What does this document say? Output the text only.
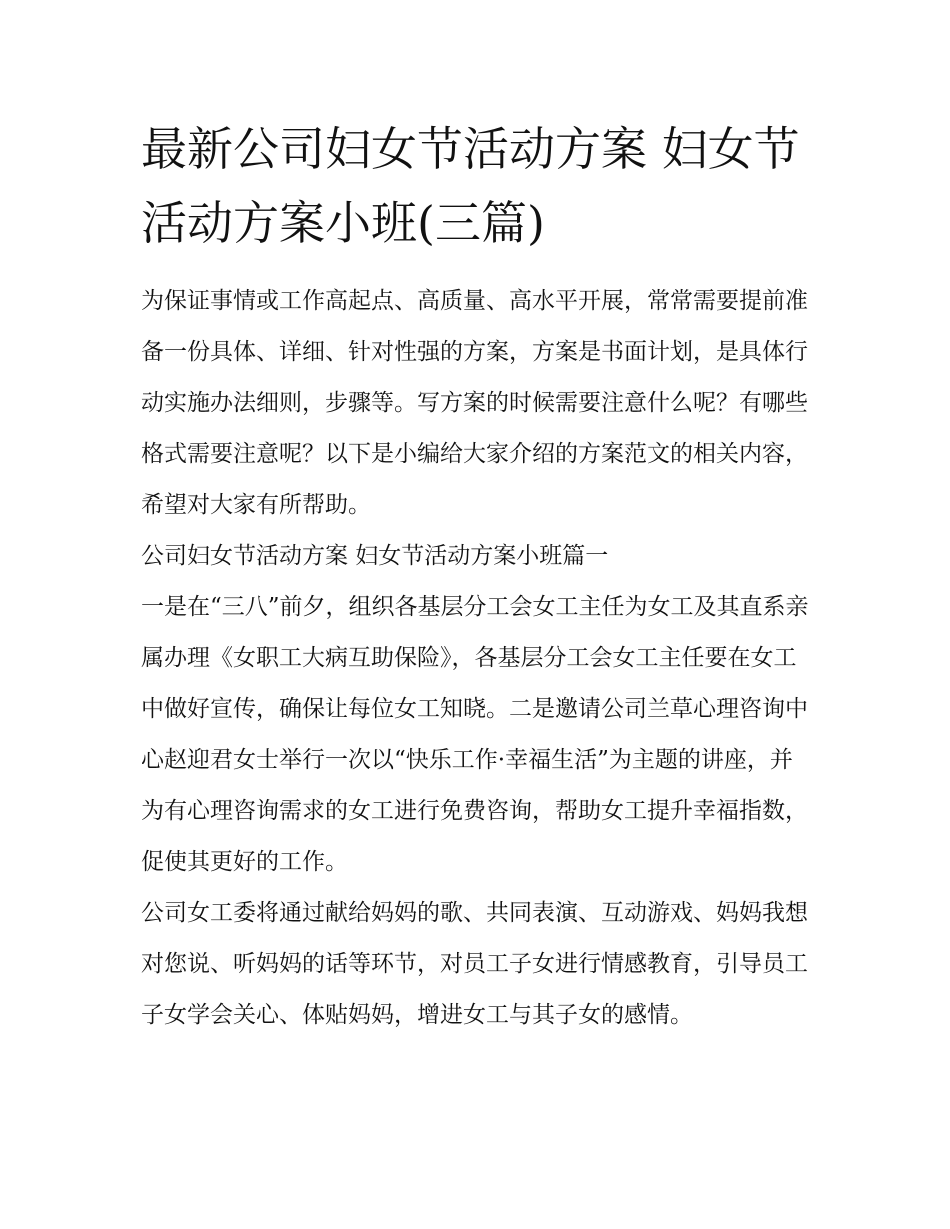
最新公司妇女节活动方案 妇女节活动方案小班(三篇)

为保证事情或工作高起点、高质量、高水平开展，常常需要提前准备一份具体、详细、针对性强的方案，方案是书面计划，是具体行动实施办法细则，步骤等。写方案的时候需要注意什么呢？有哪些格式需要注意呢？以下是小编给大家介绍的方案范文的相关内容，希望对大家有所帮助。

公司妇女节活动方案 妇女节活动方案小班篇一

一是在“三八”前夕，组织各基层分工会女工主任为女工及其直系亲属办理《女职工大病互助保险》，各基层分工会女工主任要在女工中做好宣传，确保让每位女工知晓。二是邀请公司兰草心理咨询中心赵迎君女士举行一次以“快乐工作·幸福生活”为主题的讲座，并为有心理咨询需求的女工进行免费咨询，帮助女工提升幸福指数，促使其更好的工作。

公司女工委将通过献给妈妈的歌、共同表演、互动游戏、妈妈我想对您说、听妈妈的话等环节，对员工子女进行情感教育，引导员工子女学会关心、体贴妈妈，增进女工与其子女的感情。
